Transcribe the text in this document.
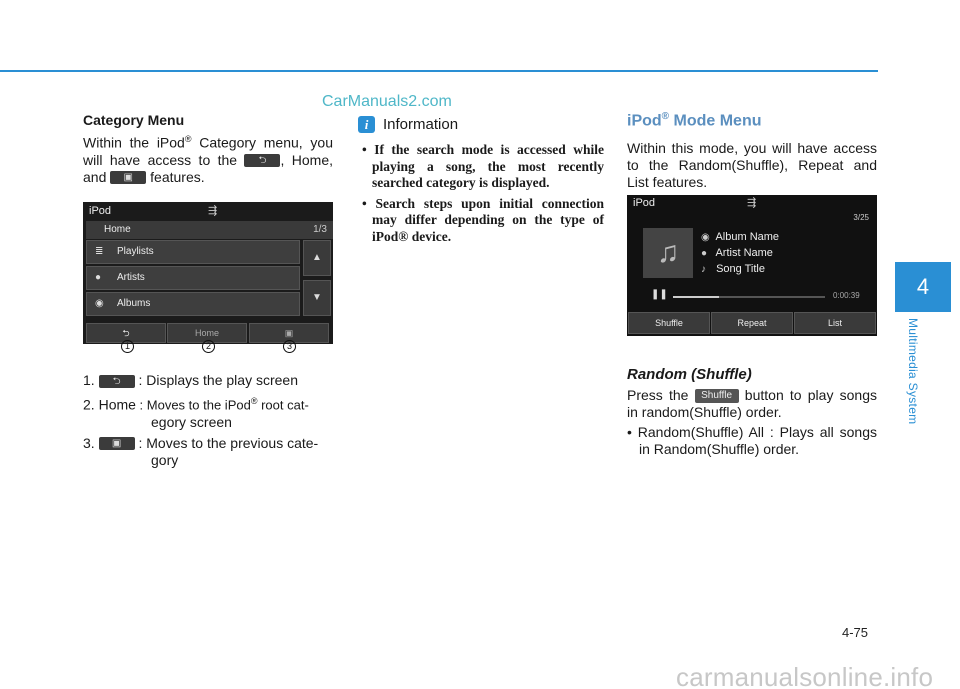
CarManuals2.com
4
Multimedia System
Category Menu

Within the iPod® Category menu, you will have access to the ⮌ , Home, and ▣ features.

iPod	⇶
Home	1/3
≣ Playlists
● Artists
◉ Albums
▲
▼
⮌	Home	▣
1	2	3
1. ⮌ : Displays the play screen
2. Home : Moves to the iPod® root cat-
egory screen
3. ▣ : Moves to the previous cate-
gory
i Information
• If the search mode is accessed while playing a song, the most recently searched category is displayed.
• Search steps upon initial connection may differ depending on the type of iPod® device.
iPod® Mode Menu

Within this mode, you will have access to the Random(Shuffle), Repeat and List features.

iPod	⇶
3/25
♫	◉ Album Name
● Artist Name
♪ Song Title
❚❚	0:00:39
Shuffle	Repeat	List
Random (Shuffle)
Press the Shuffle button to play songs in random(Shuffle) order.
• Random(Shuffle) All : Plays all songs in Random(Shuffle) order.
4-75
carmanualsonline.info
